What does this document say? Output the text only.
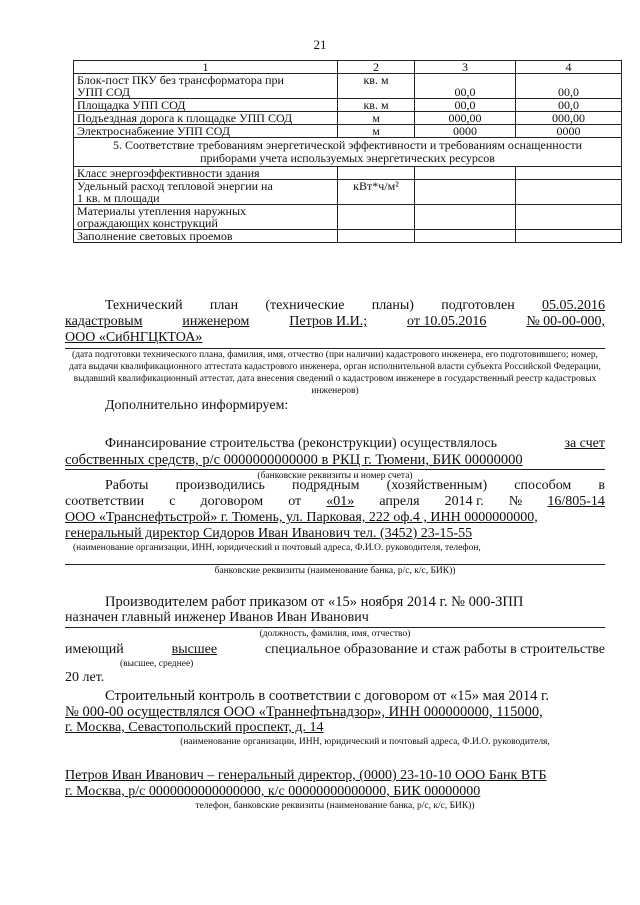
21
1	2	3	4
Блок-пост ПКУ без трансформатора при
УПП СОД	кв. м	00,0	00,0
Площадка УПП СОД	кв. м	00,0	00,0
Подъездная дорога к площадке УПП СОД	м	000,00	000,00
Электроснабжение УПП СОД	м	0000	0000
5. Соответствие требованиям энергетической эффективности и требованиям оснащенности приборами учета используемых энергетических ресурсов			
Класс энергоэффективности здания			
Удельный расход тепловой энергии на
1 кв. м площади	кВт*ч/м²		
Материалы утепления наружных
ограждающих конструкций			
Заполнение световых проемов			
Технический план (технические планы) подготовлен 05.05.2016
кадастровым	инженером	Петров И.И.;	от 10.05.2016	№ 00-00-000,
ООО «СибНГЦКТОА»
(дата подготовки технического плана, фамилия, имя, отчество (при наличии) кадастрового инженера, его подготовившего; номер, дата выдачи квалификационного аттестата кадастрового инженера, орган исполнительной власти субъекта Российской Федерации, выдавший квалификационный аттестат, дата внесения сведений о кадастровом инженере в государственный реестр кадастровых инженеров)
Дополнительно информируем:
Финансирование строительства (реконструкции) осуществлялось	за счет
собственных средств, р/с 0000000000000 в РКЦ г. Тюмени, БИК 00000000
(банковские реквизиты и номер счета)
Работы производились подрядным (хозяйственным) способом в
соответствии с договором от «01» апреля 2014 г. № 16/805-14
ООО «Транснефтьстрой» г. Тюмень, ул. Парковая, 222 оф.4 , ИНН 0000000000,
генеральный директор Сидоров Иван Иванович тел. (3452) 23-15-55
(наименование организации, ИНН, юридический и почтовый адреса, Ф.И.О. руководителя, телефон,
банковские реквизиты (наименование банка, р/с, к/с, БИК))
Производителем работ приказом от «15» ноября 2014 г. № 000-ЗПП
назначен главный инженер Иванов Иван Иванович
(должность, фамилия, имя, отчество)
имеющий	высшее	специальное образование и стаж работы в строительстве
(высшее, среднее)
20 лет.
Строительный контроль в соответствии с договором от «15» мая 2014 г.
№ 000-00 осуществлялся ООО «Траннефтьнадзор», ИНН 000000000, 115000,
г. Москва, Севастопольский проспект, д. 14
(наименование организации, ИНН, юридический и почтовый адреса, Ф.И.О. руководителя,
Петров Иван Иванович – генеральный директор, (0000) 23-10-10 ООО Банк ВТБ
г. Москва, р/с 0000000000000000, к/с 00000000000000, БИК 00000000
телефон, банковские реквизиты (наименование банка, р/с, к/с, БИК))
